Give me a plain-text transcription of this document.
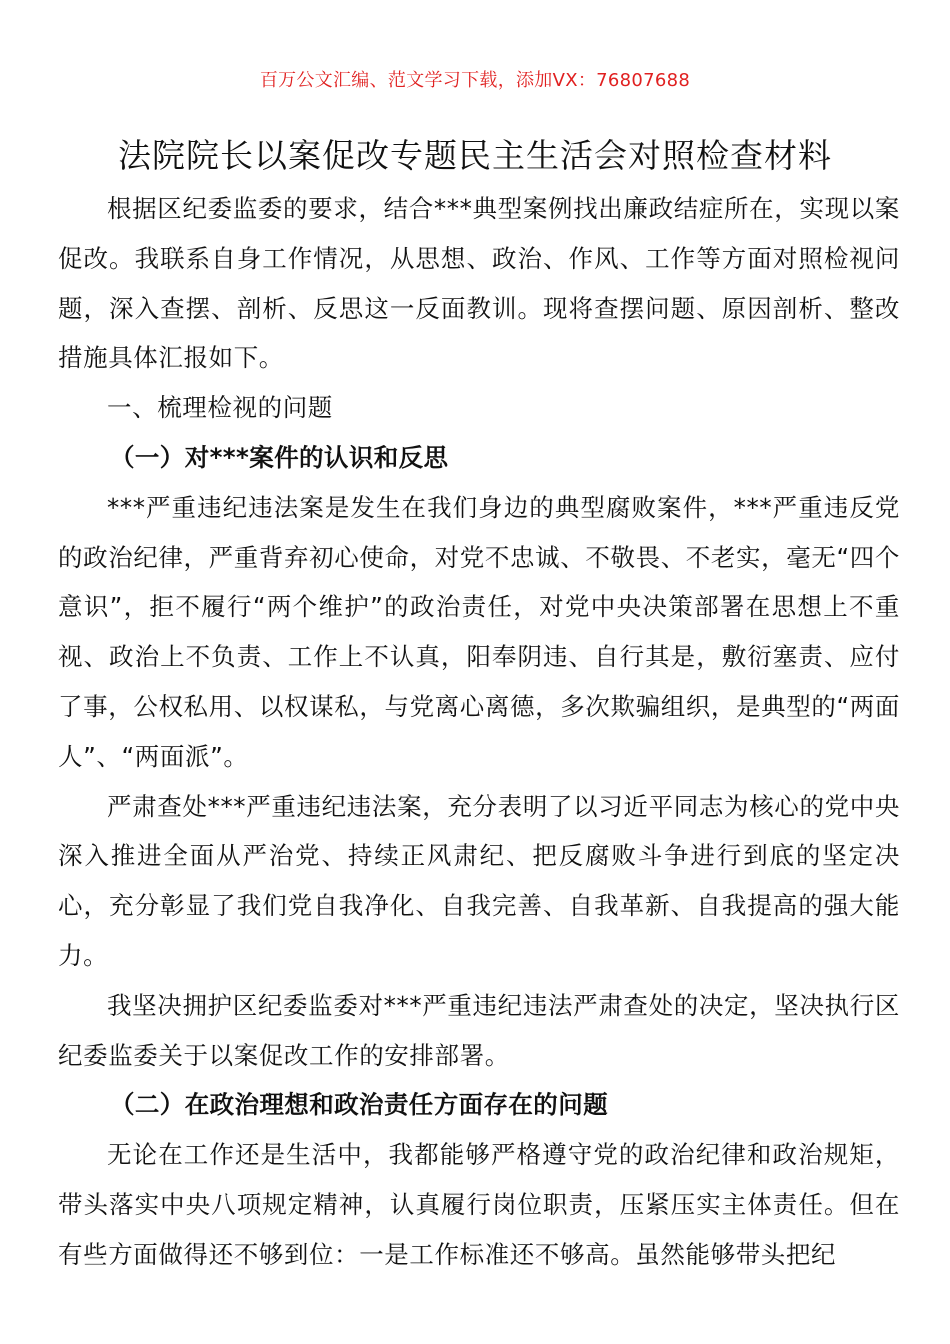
百万公文汇编、范文学习下载，添加VX：76807688
法院院长以案促改专题民主生活会对照检查材料

根据区纪委监委的要求，结合***典型案例找出廉政结症所在，实现以案促改。我联系自身工作情况，从思想、政治、作风、工作等方面对照检视问题，深入查摆、剖析、反思这一反面教训。现将查摆问题、原因剖析、整改措施具体汇报如下。

一、梳理检视的问题

（一）对***案件的认识和反思

***严重违纪违法案是发生在我们身边的典型腐败案件，***严重违反党的政治纪律，严重背弃初心使命，对党不忠诚、不敬畏、不老实，毫无“四个意识”，拒不履行“两个维护”的政治责任，对党中央决策部署在思想上不重视、政治上不负责、工作上不认真，阳奉阴违、自行其是，敷衍塞责、应付了事，公权私用、以权谋私，与党离心离德，多次欺骗组织，是典型的“两面人”、“两面派”。

严肃查处***严重违纪违法案，充分表明了以习近平同志为核心的党中央深入推进全面从严治党、持续正风肃纪、把反腐败斗争进行到底的坚定决心，充分彰显了我们党自我净化、自我完善、自我革新、自我提高的强大能力。

我坚决拥护区纪委监委对***严重违纪违法严肃查处的决定，坚决执行区纪委监委关于以案促改工作的安排部署。

（二）在政治理想和政治责任方面存在的问题

无论在工作还是生活中，我都能够严格遵守党的政治纪律和政治规矩，带头落实中央八项规定精神，认真履行岗位职责，压紧压实主体责任。但在有些方面做得还不够到位：一是工作标准还不够高。虽然能够带头把纪
